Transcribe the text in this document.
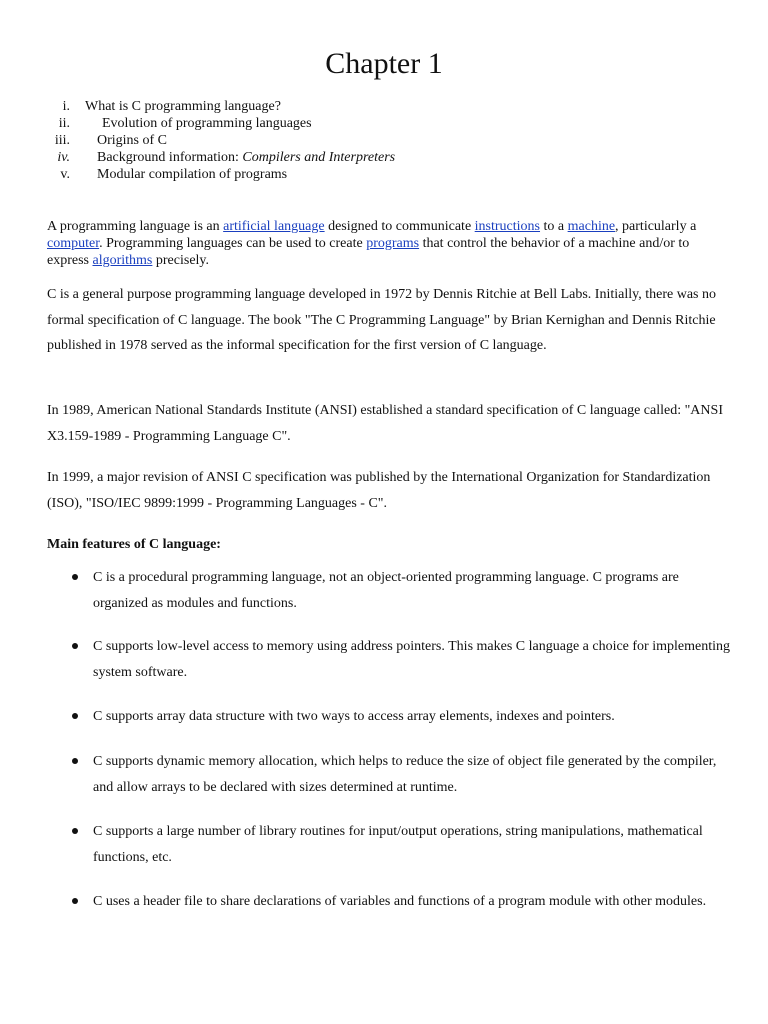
Chapter 1
i. What is C programming language?
ii. Evolution of programming languages
iii. Origins of C
iv. Background information: Compilers and Interpreters
v. Modular compilation of programs
A programming language is an artificial language designed to communicate instructions to a machine, particularly a computer. Programming languages can be used to create programs that control the behavior of a machine and/or to express algorithms precisely.
C is a general purpose programming language developed in 1972 by Dennis Ritchie at Bell Labs. Initially, there was no formal specification of C language. The book "The C Programming Language" by Brian Kernighan and Dennis Ritchie published in 1978 served as the informal specification for the first version of C language.
In 1989, American National Standards Institute (ANSI) established a standard specification of C language called: "ANSI X3.159-1989 - Programming Language C".
In 1999, a major revision of ANSI C specification was published by the International Organization for Standardization (ISO), "ISO/IEC 9899:1999 - Programming Languages - C".
Main features of C language:
C is a procedural programming language, not an object-oriented programming language. C programs are organized as modules and functions.
C supports low-level access to memory using address pointers. This makes C language a choice for implementing system software.
C supports array data structure with two ways to access array elements, indexes and pointers.
C supports dynamic memory allocation, which helps to reduce the size of object file generated by the compiler, and allow arrays to be declared with sizes determined at runtime.
C supports a large number of library routines for input/output operations, string manipulations, mathematical functions, etc.
C uses a header file to share declarations of variables and functions of a program module with other modules.
